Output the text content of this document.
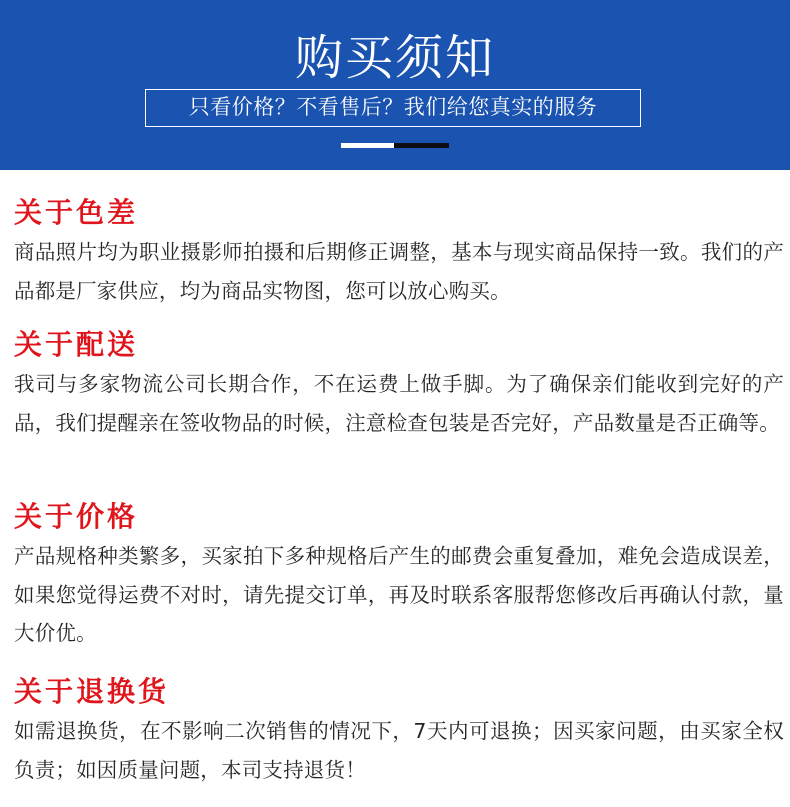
购买须知
只看价格？不看售后？我们给您真实的服务
关于色差

商品照片均为职业摄影师拍摄和后期修正调整，基本与现实商品保持一致。我们的产品都是厂家供应，均为商品实物图，您可以放心购买。

关于配送

我司与多家物流公司长期合作，不在运费上做手脚。为了确保亲们能收到完好的产品，我们提醒亲在签收物品的时候，注意检查包装是否完好，产品数量是否正确等。

关于价格

产品规格种类繁多，买家拍下多种规格后产生的邮费会重复叠加，难免会造成误差，如果您觉得运费不对时，请先提交订单，再及时联系客服帮您修改后再确认付款，量大价优。

关于退换货

如需退换货，在不影响二次销售的情况下，7天内可退换；因买家问题，由买家全权负责；如因质量问题，本司支持退货！
